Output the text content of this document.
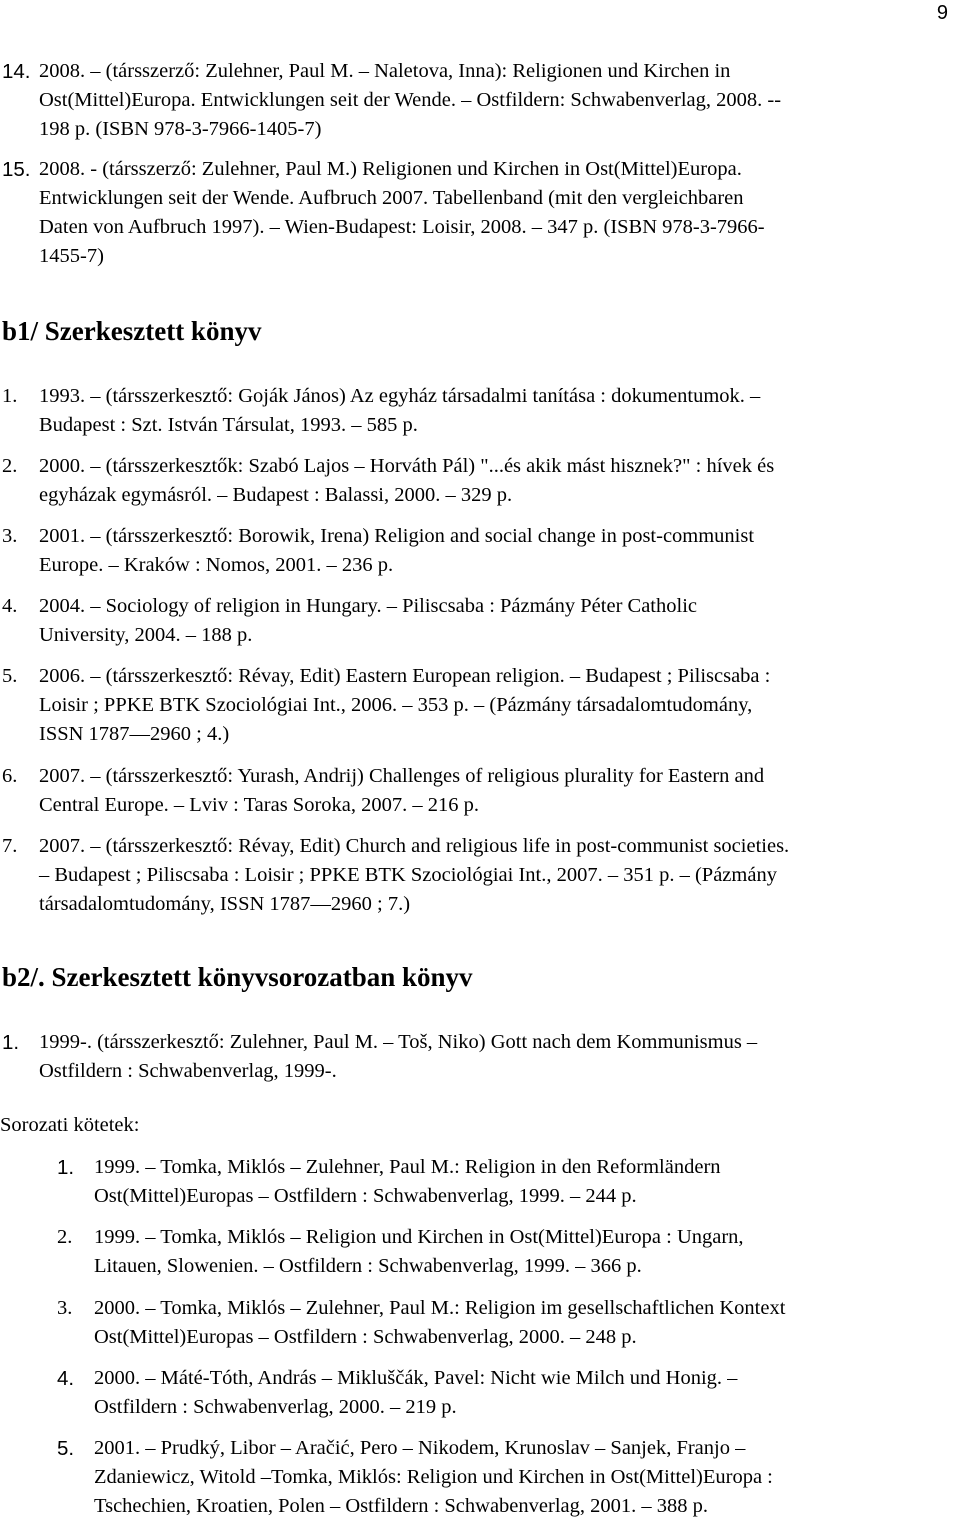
9
14. 2008. – (társszerző: Zulehner, Paul M. – Naletova, Inna): Religionen und Kirchen in
Ost(Mittel)Europa. Entwicklungen seit der Wende. – Ostfildern: Schwabenverlag, 2008. --
198 p. (ISBN 978-3-7966-1405-7)
15. 2008. - (társszerző: Zulehner, Paul M.) Religionen und Kirchen in Ost(Mittel)Europa.
Entwicklungen seit der Wende. Aufbruch 2007. Tabellenband (mit den vergleichbaren
Daten von Aufbruch 1997). – Wien-Budapest: Loisir, 2008. – 347 p. (ISBN 978-3-7966-
1455-7)
b1/ Szerkesztett könyv
1. 1993. – (társszerkesztő: Goják János) Az egyház társadalmi tanítása : dokumentumok. –
Budapest : Szt. István Társulat, 1993. – 585 p.
2. 2000. – (társszerkesztők: Szabó Lajos – Horváth Pál) "...és akik mást hisznek?" : hívek és
egyházak egymásról. – Budapest : Balassi, 2000. – 329 p.
3. 2001. – (társszerkesztő: Borowik, Irena) Religion and social change in post-communist
Europe. – Kraków : Nomos, 2001. – 236 p.
4. 2004. – Sociology of religion in Hungary. – Piliscsaba : Pázmány Péter Catholic
University, 2004. – 188 p.
5. 2006. – (társszerkesztő: Révay, Edit) Eastern European religion. – Budapest ; Piliscsaba :
Loisir ; PPKE BTK Szociológiai Int., 2006. – 353 p. – (Pázmány társadalomtudomány,
ISSN 1787—2960 ; 4.)
6. 2007. – (társszerkesztő: Yurash, Andrij) Challenges of religious plurality for Eastern and
Central Europe. – Lviv : Taras Soroka, 2007. – 216 p.
7. 2007. – (társszerkesztő: Révay, Edit) Church and religious life in post-communist societies.
– Budapest ; Piliscsaba : Loisir ; PPKE BTK Szociológiai Int., 2007. – 351 p. – (Pázmány
társadalomtudomány, ISSN 1787—2960 ; 7.)
b2/. Szerkesztett könyvsorozatban könyv
1. 1999-. (társszerkesztő: Zulehner, Paul M. – Toš, Niko) Gott nach dem Kommunismus –
Ostfildern : Schwabenverlag, 1999-.
Sorozati kötetek:
1. 1999. – Tomka, Miklós – Zulehner, Paul M.: Religion in den Reformländern
Ost(Mittel)Europas – Ostfildern : Schwabenverlag, 1999. – 244 p.
2. 1999. – Tomka, Miklós – Religion und Kirchen in Ost(Mittel)Europa : Ungarn,
Litauen, Slowenien. – Ostfildern : Schwabenverlag, 1999. – 366 p.
3. 2000. – Tomka, Miklós – Zulehner, Paul M.: Religion im gesellschaftlichen Kontext
Ost(Mittel)Europas – Ostfildern : Schwabenverlag, 2000. – 248 p.
4. 2000. – Máté-Tóth, András – Mikluščák, Pavel: Nicht wie Milch und Honig. –
Ostfildern : Schwabenverlag, 2000. – 219 p.
5. 2001. – Prudký, Libor – Aračić, Pero – Nikodem, Krunoslav – Sanjek, Franjo –
Zdaniewicz, Witold –Tomka, Miklós: Religion und Kirchen in Ost(Mittel)Europa :
Tschechien, Kroatien, Polen – Ostfildern : Schwabenverlag, 2001. – 388 p.
